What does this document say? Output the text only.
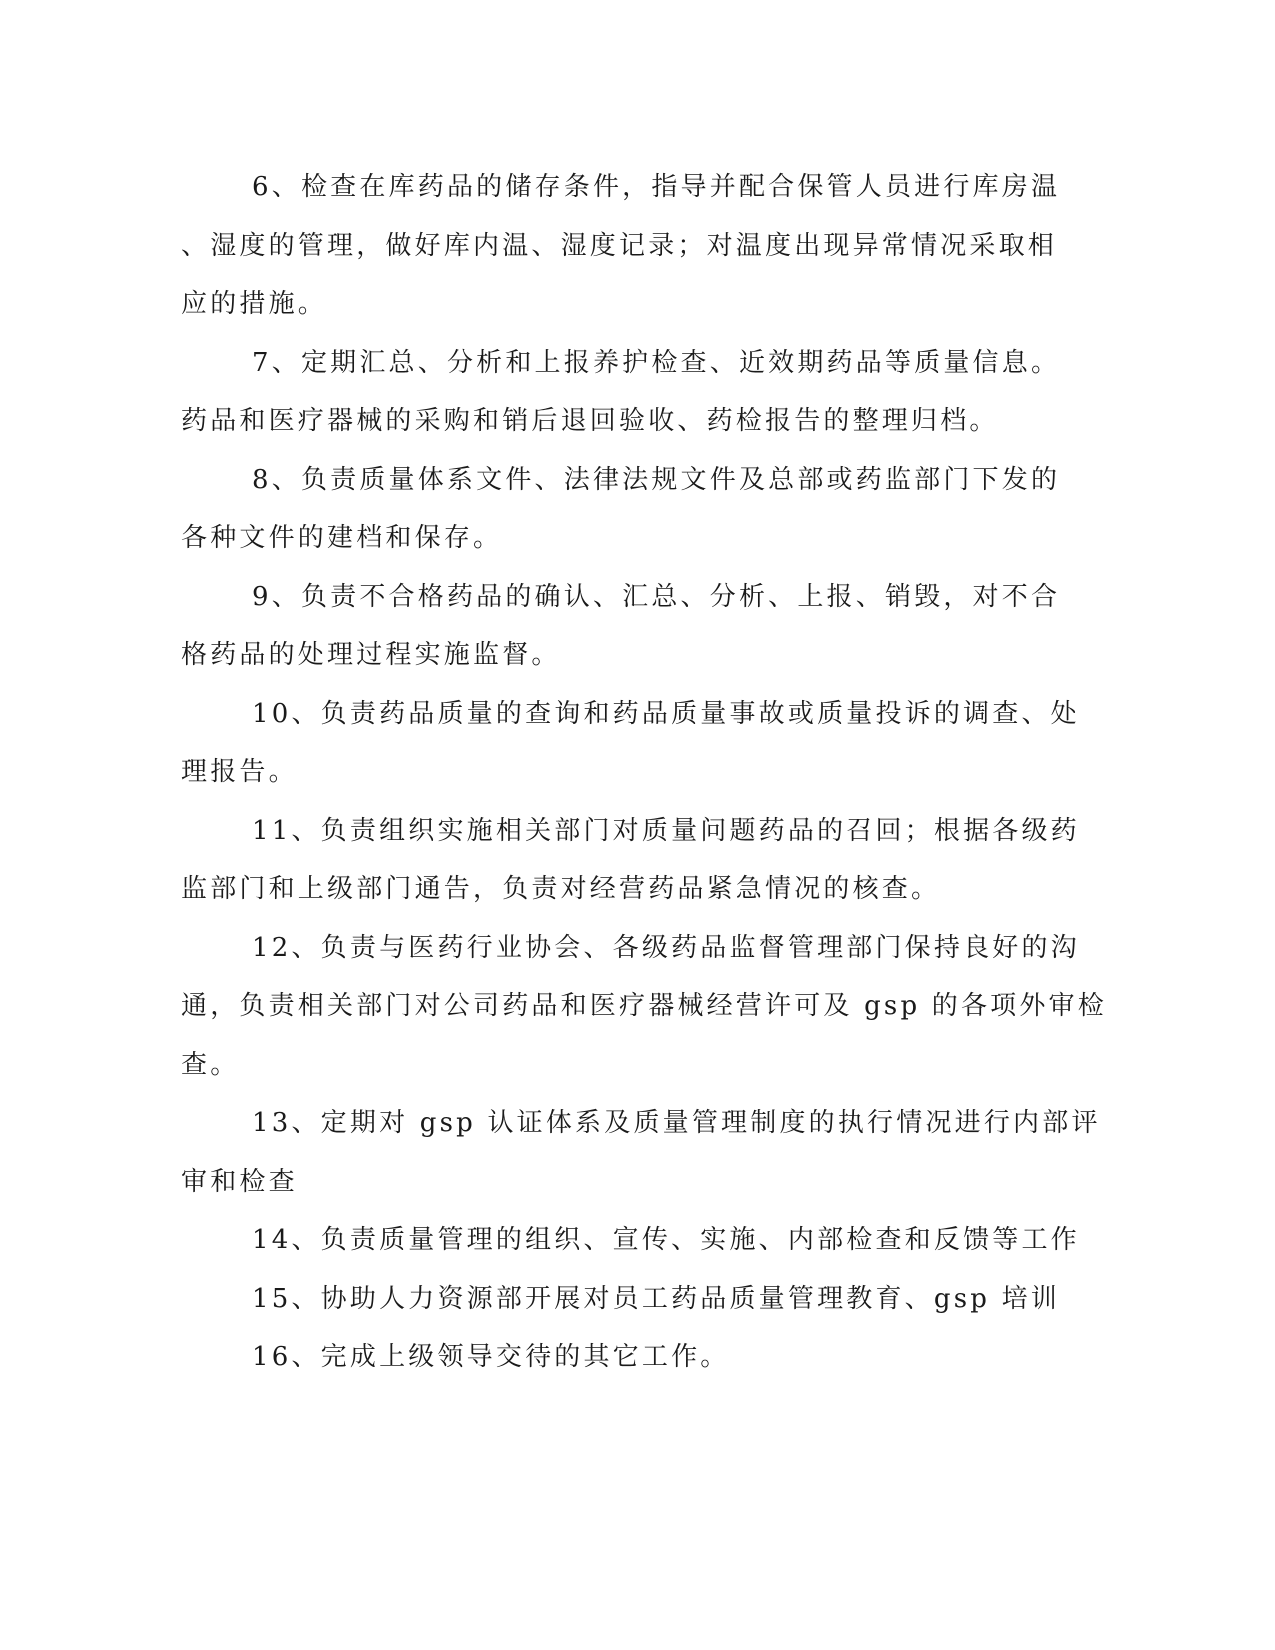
6、检查在库药品的储存条件，指导并配合保管人员进行库房温
、湿度的管理，做好库内温、湿度记录；对温度出现异常情况采取相
应的措施。
7、定期汇总、分析和上报养护检查、近效期药品等质量信息。
药品和医疗器械的采购和销后退回验收、药检报告的整理归档。
8、负责质量体系文件、法律法规文件及总部或药监部门下发的
各种文件的建档和保存。
9、负责不合格药品的确认、汇总、分析、上报、销毁，对不合
格药品的处理过程实施监督。
10、负责药品质量的查询和药品质量事故或质量投诉的调查、处
理报告。
11、负责组织实施相关部门对质量问题药品的召回；根据各级药
监部门和上级部门通告，负责对经营药品紧急情况的核查。
12、负责与医药行业协会、各级药品监督管理部门保持良好的沟
通，负责相关部门对公司药品和医疗器械经营许可及 gsp 的各项外审检
查。
13、定期对 gsp 认证体系及质量管理制度的执行情况进行内部评
审和检查
14、负责质量管理的组织、宣传、实施、内部检查和反馈等工作
15、协助人力资源部开展对员工药品质量管理教育、gsp 培训
16、完成上级领导交待的其它工作。
